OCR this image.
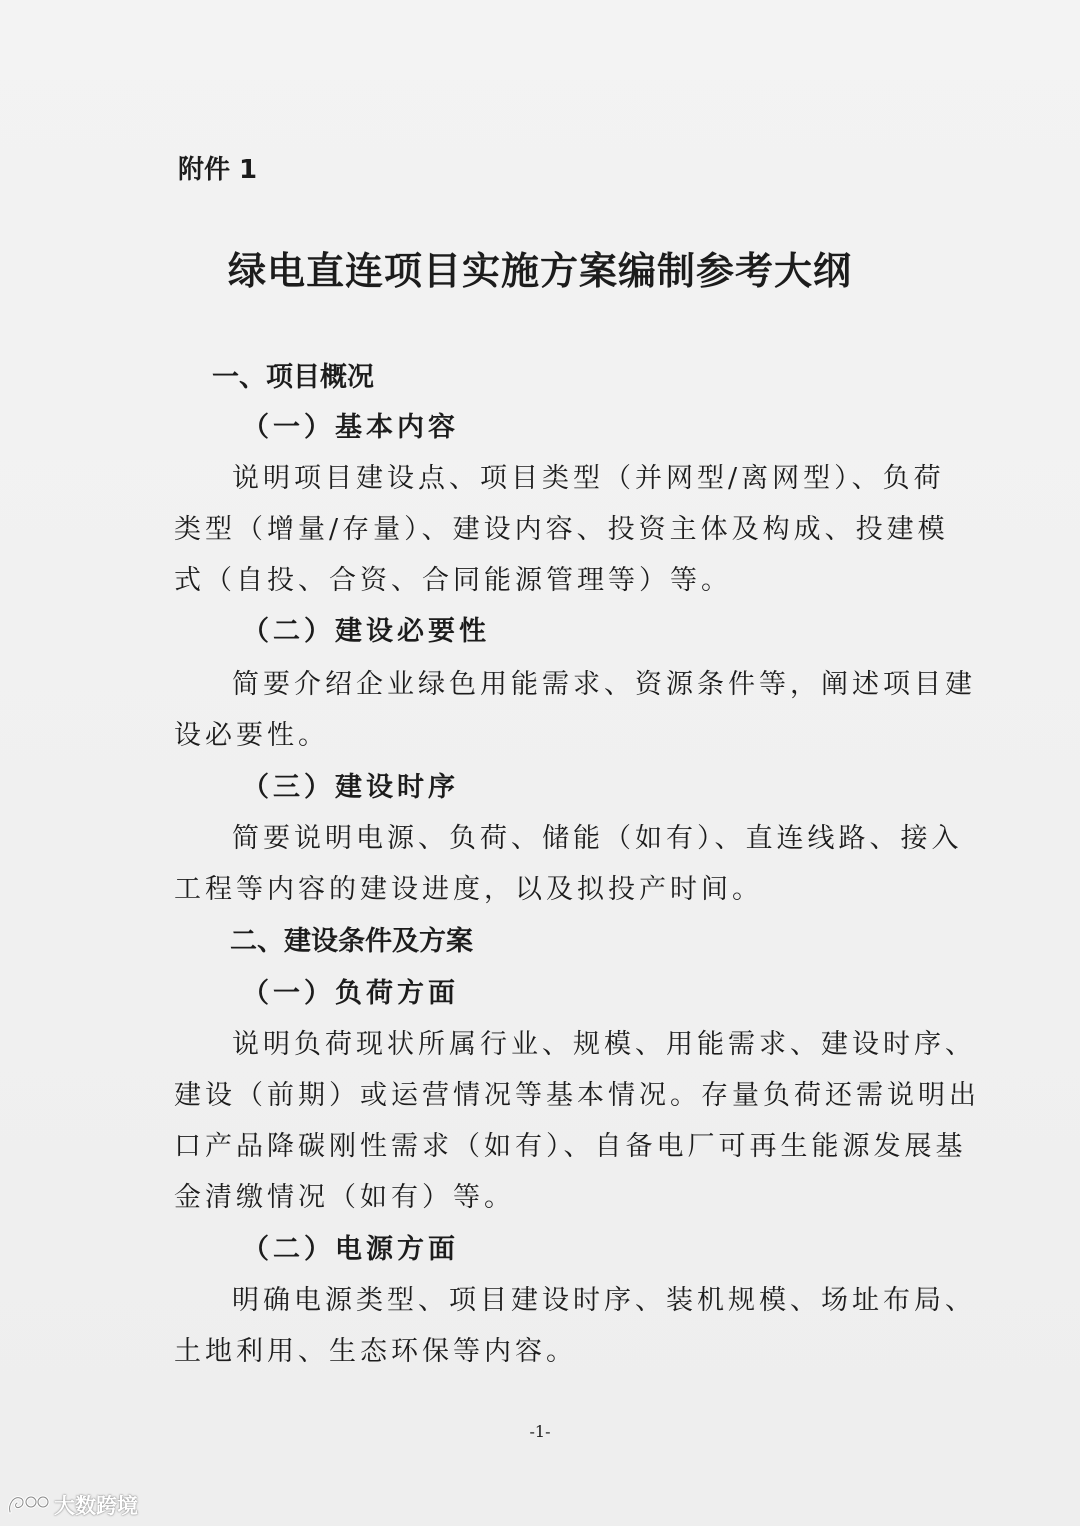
附件 1
绿电直连项目实施方案编制参考大纲
一、项目概况
（一）基本内容
说明项目建设点、项目类型（并网型/离网型）、负荷
类型（增量/存量）、建设内容、投资主体及构成、投建模
式（自投、合资、合同能源管理等）等。
（二）建设必要性
简要介绍企业绿色用能需求、资源条件等，阐述项目建
设必要性。
（三）建设时序
简要说明电源、负荷、储能（如有）、直连线路、接入
工程等内容的建设进度，以及拟投产时间。
二、建设条件及方案
（一）负荷方面
说明负荷现状所属行业、规模、用能需求、建设时序、
建设（前期）或运营情况等基本情况。存量负荷还需说明出
口产品降碳刚性需求（如有）、自备电厂可再生能源发展基
金清缴情况（如有）等。
（二）电源方面
明确电源类型、项目建设时序、装机规模、场址布局、
土地利用、生态环保等内容。
-1-
大数跨境
